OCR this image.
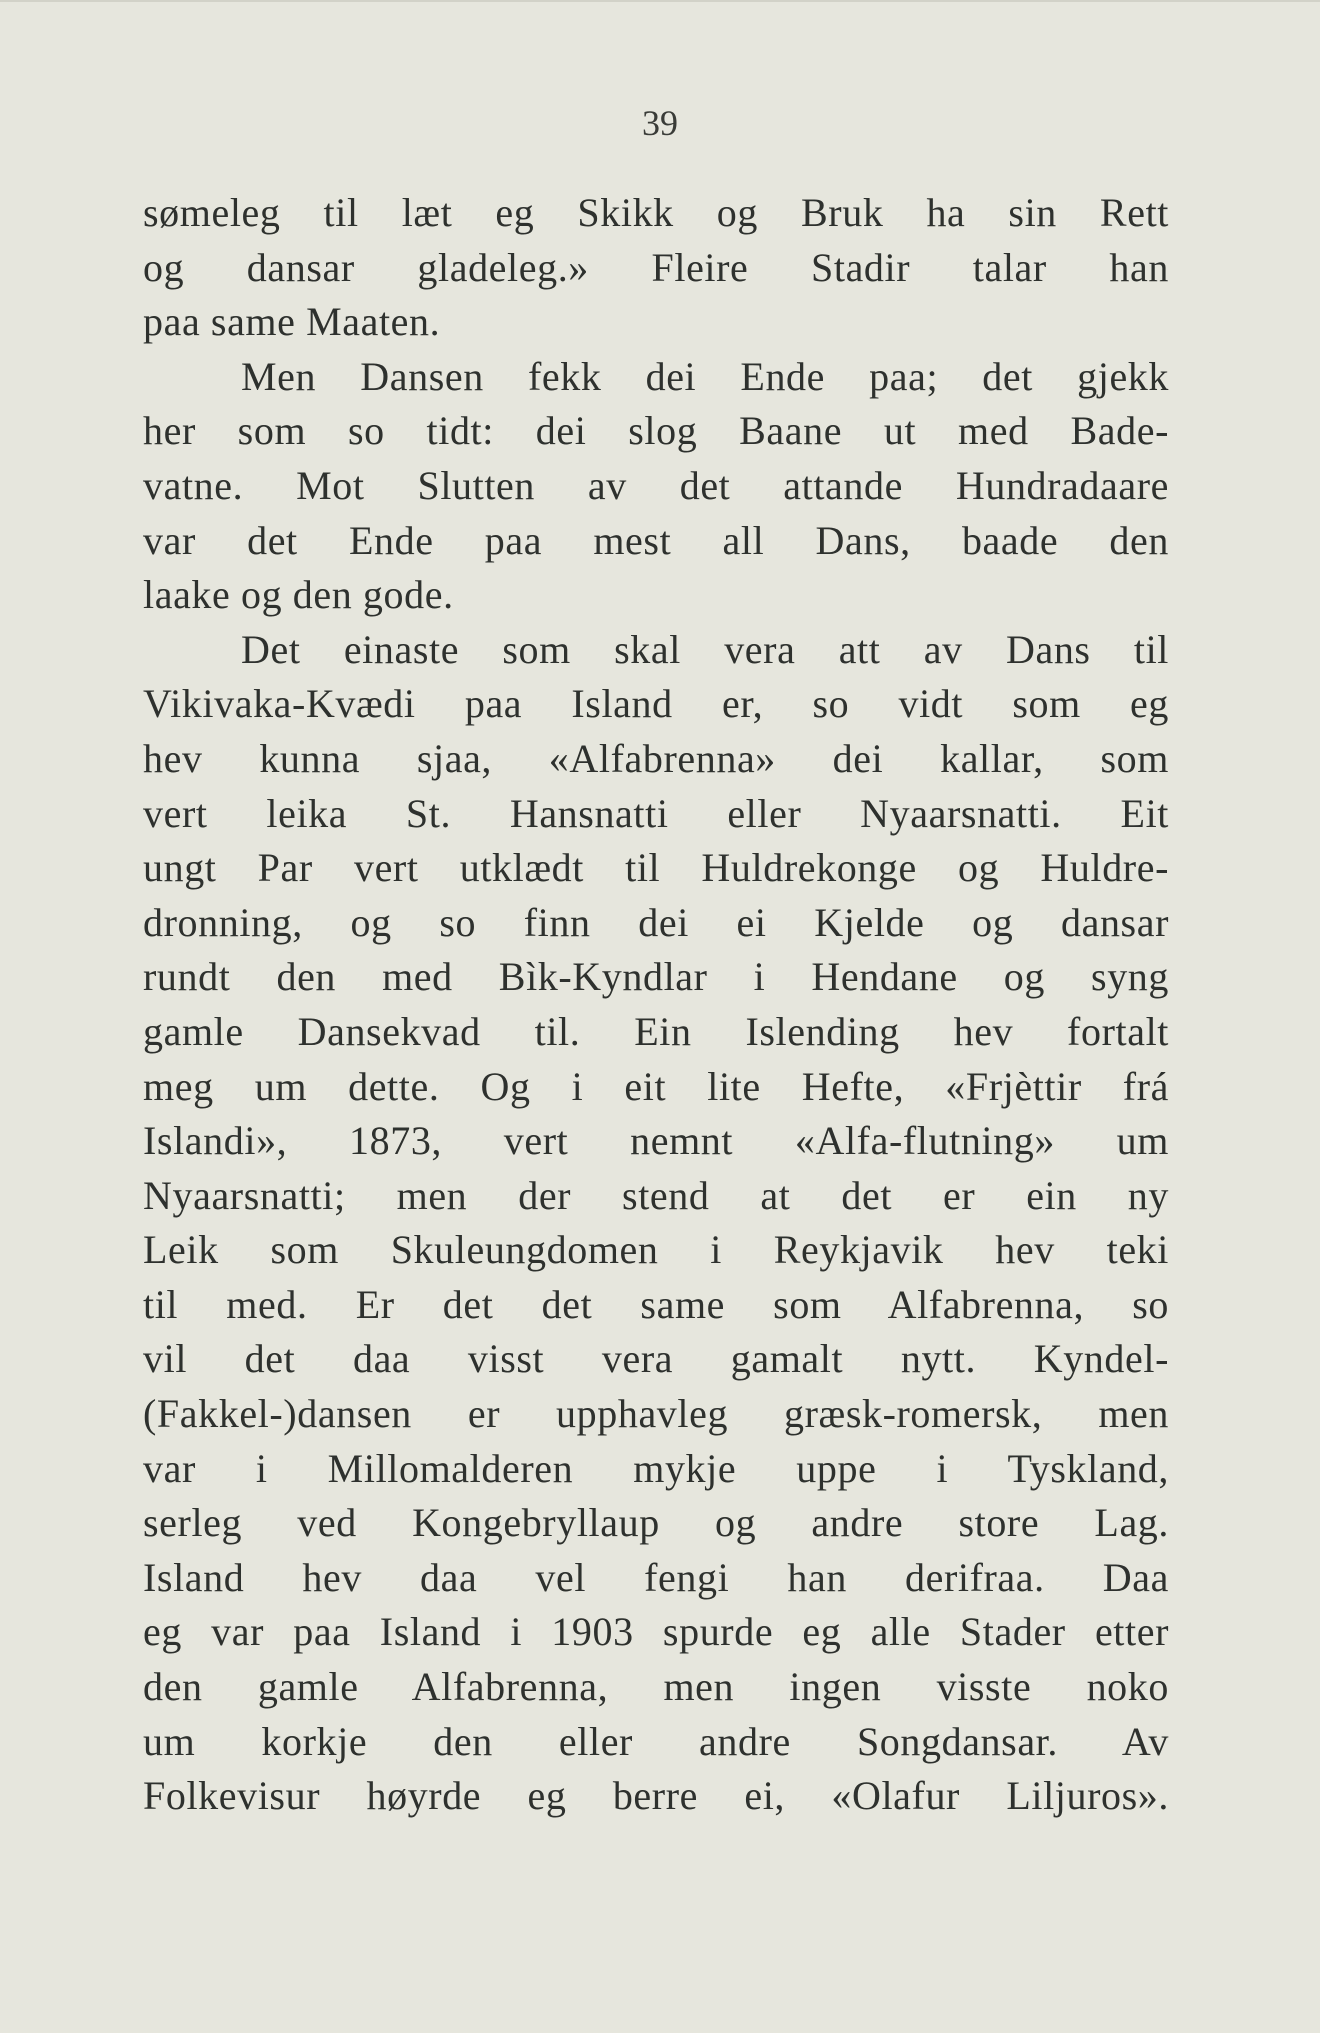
39
sømeleg til læt eg Skikk og Bruk ha sin Rett
og dansar gladeleg.» Fleire Stadir talar han
paa same Maaten.
Men Dansen fekk dei Ende paa; det gjekk
her som so tidt: dei slog Baane ut med Bade-
vatne. Mot Slutten av det attande Hundradaare
var det Ende paa mest all Dans, baade den
laake og den gode.
Det einaste som skal vera att av Dans til
Vikivaka-Kvædi paa Island er, so vidt som eg
hev kunna sjaa, «Alfabrenna» dei kallar, som
vert leika St. Hansnatti eller Nyaarsnatti. Eit
ungt Par vert utklædt til Huldrekonge og Huldre-
dronning, og so finn dei ei Kjelde og dansar
rundt den med Bìk-Kyndlar i Hendane og syng
gamle Dansekvad til. Ein Islending hev fortalt
meg um dette. Og i eit lite Hefte, «Frjèttir frá
Islandi», 1873, vert nemnt «Alfa-flutning» um
Nyaarsnatti; men der stend at det er ein ny
Leik som Skuleungdomen i Reykjavik hev teki
til med. Er det det same som Alfabrenna, so
vil det daa visst vera gamalt nytt. Kyndel-
(Fakkel-)dansen er upphavleg græsk-romersk, men
var i Millomalderen mykje uppe i Tyskland,
serleg ved Kongebryllaup og andre store Lag.
Island hev daa vel fengi han derifraa. Daa
eg var paa Island i 1903 spurde eg alle Stader etter
den gamle Alfabrenna, men ingen visste noko
um korkje den eller andre Songdansar. Av
Folkevisur høyrde eg berre ei, «Olafur Liljuros».
